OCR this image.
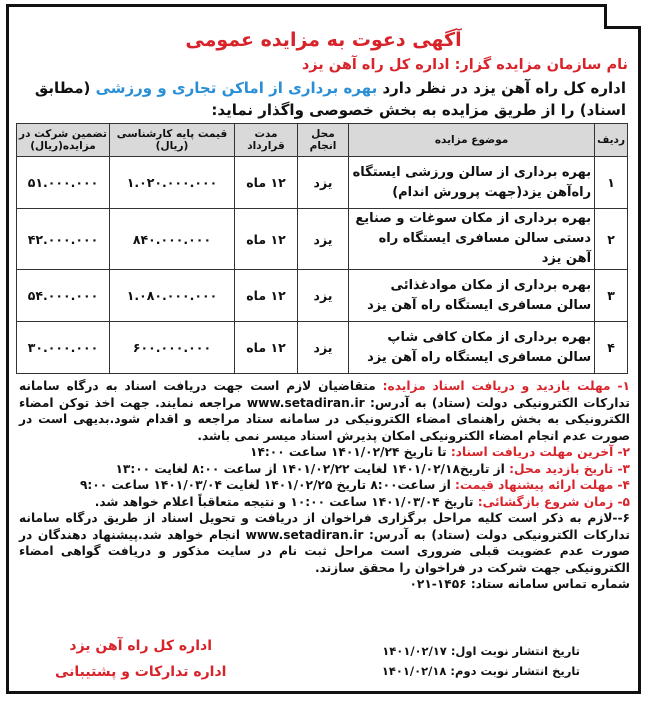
آگهی دعوت به مزایده عمومی
نام سازمان مزایده گزار: اداره کل راه آهن یزد
اداره کل راه آهن یزد در نظر دارد بهره برداری از اماکن تجاری و ورزشی (مطابق اسناد) را از طریق مزایده به بخش خصوصی واگذار نماید:
ردیف	موضوع مزایده	محل انجام	مدت قرارداد	قیمت پایه کارشناسی (ریال)	تضمین شرکت در مزایده(ریال)
۱	بهره برداری از سالن ورزشی ایستگاه راه‌آهن یزد(جهت پرورش اندام)	یزد	۱۲ ماه	۱.۰۲۰.۰۰۰.۰۰۰	۵۱.۰۰۰.۰۰۰
۲	بهره برداری از مکان سوغات و صنایع دستی سالن مسافری ایستگاه راه آهن یزد	یزد	۱۲ ماه	۸۴۰.۰۰۰.۰۰۰	۴۲.۰۰۰.۰۰۰
۳	بهره برداری از مکان مواد‌غذائی سالن مسافری ایستگاه راه آهن یزد	یزد	۱۲ ماه	۱.۰۸۰.۰۰۰.۰۰۰	۵۴.۰۰۰.۰۰۰
۴	بهره برداری از مکان کافی شاپ سالن مسافری ایستگاه راه آهن یزد	یزد	۱۲ ماه	۶۰۰.۰۰۰.۰۰۰	۳۰.۰۰۰.۰۰۰
۱- مهلت بازدید و دریافت اسناد مزایده: متقاضیان لازم است جهت دریافت اسناد به درگاه سامانه تدارکات الکترونیکی دولت (ستاد) به آدرس: www.setadiran.ir مراجعه نمایند. جهت اخذ توکن امضاء الکترونیکی به بخش راهنمای امضاء الکترونیکی در سامانه ستاد مراجعه و اقدام شود.بدیهی است در صورت عدم انجام امضاء الکترونیکی امکان پذیرش اسناد میسر نمی باشد.
۲- آخرین مهلت دریافت اسناد: تا تاریخ ۱۴۰۱/۰۲/۲۴ ساعت ۱۴:۰۰
۳- تاریخ بازدید محل: از تاریخ۱۴۰۱/۰۲/۱۸ لغایت ۱۴۰۱/۰۲/۲۲ از ساعت ۸:۰۰ لغایت ۱۳:۰۰
۴- مهلت ارائه پیشنهاد قیمت: از ساعت۸:۰۰ تاریخ ۱۴۰۱/۰۲/۲۵ لغایت ۱۴۰۱/۰۳/۰۴ ساعت ۹:۰۰
۵- زمان شروع بازگشائی: تاریخ ۱۴۰۱/۰۳/۰۴ ساعت ۱۰:۰۰ و نتیجه متعاقباً اعلام خواهد شد.
۶--لازم به ذکر است کلیه مراحل برگزاری فراخوان از دریافت و تحویل اسناد از طریق درگاه سامانه تدارکات الکترونیکی دولت (ستاد) به آدرس: www.setadiran.ir انجام خواهد شد.پیشنهاد دهندگان در صورت عدم عضویت قبلی ضروری است مراحل ثبت نام در سایت مذکور و دریافت گواهی امضاء الکترونیکی جهت شرکت در فراخوان را محقق سازند.
شماره تماس سامانه ستاد: ۱۴۵۶-۰۲۱
تاریخ انتشار نوبت اول: ۱۴۰۱/۰۲/۱۷
تاریخ انتشار نوبت دوم: ۱۴۰۱/۰۲/۱۸
اداره کل راه آهن یزد
اداره تدارکات و پشتیبانی
